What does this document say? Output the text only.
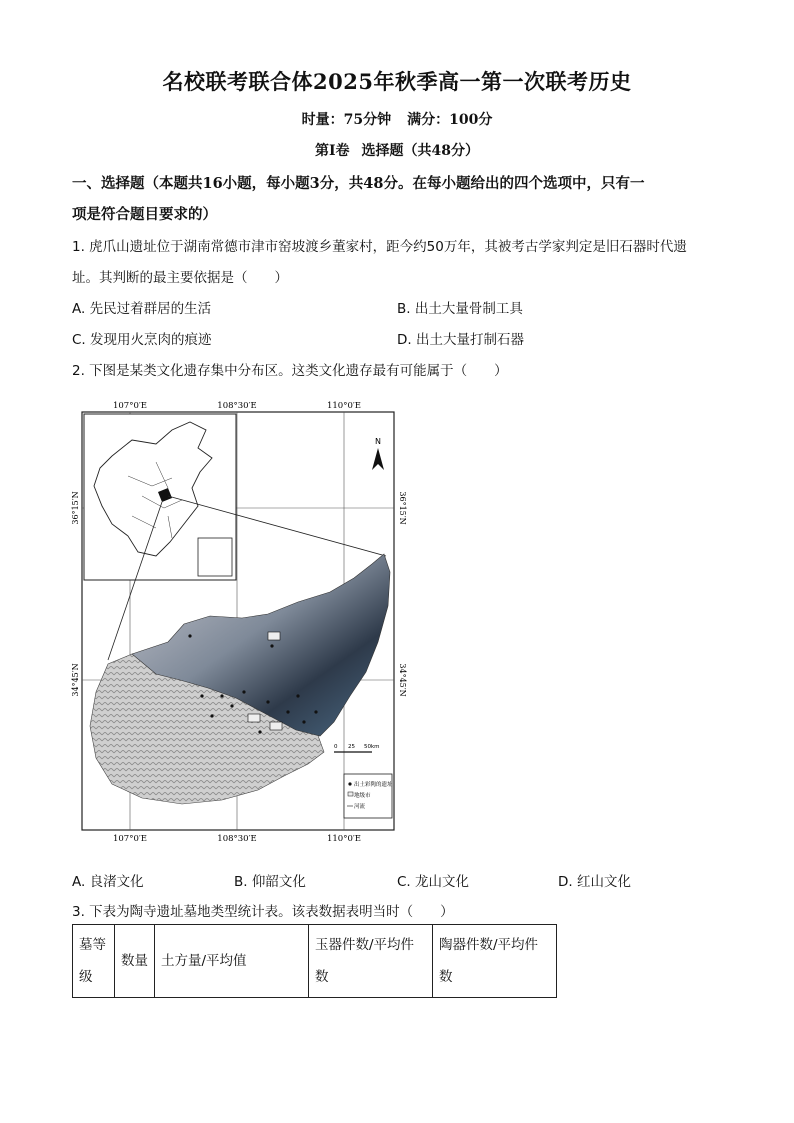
名校联考联合体2025年秋季高一第一次联考历史
时量：75分钟 满分：100分
第Ⅰ卷 选择题（共48分）
一、选择题（本题共16小题，每小题3分，共48分。在每小题给出的四个选项中，只有一
项是符合题目要求的）
1. 虎爪山遗址位于湖南常德市津市窑坡渡乡董家村，距今约50万年，其被考古学家判定是旧石器时代遗
址。其判断的最主要依据是（　　）
A. 先民过着群居的生活	B. 出土大量骨制工具
C. 发现用火烹肉的痕迹	D. 出土大量打制石器
2. 下图是某类文化遗存集中分布区。这类文化遗存最有可能属于（　　）
N
0 25 50km
出土彩陶的遗址
地级市
河流
107°0′E	108°30′E	110°0′E
107°0′E	108°30′E	110°0′E
36°15′N
34°45′N
36°15′N
34°45′N
A. 良渚文化	B. 仰韶文化	C. 龙山文化	D. 红山文化
3. 下表为陶寺遗址墓地类型统计表。该表数据表明当时（　　）
墓等级	数量	土方量/平均值	玉器件数/平均件数	陶器件数/平均件数
